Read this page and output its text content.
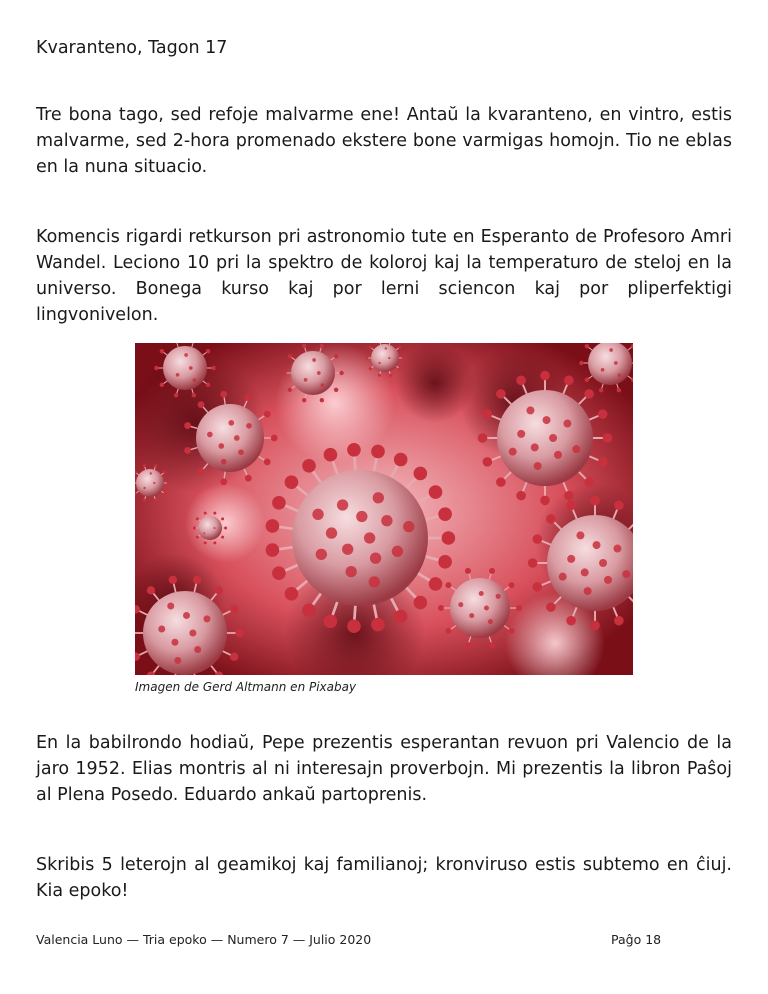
Kvaranteno, Tagon 17

Tre bona tago, sed refoje malvarme ene! Antaŭ la kvaranteno, en vintro, estis malvarme, sed 2-hora promenado ekstere bone varmigas homojn. Tio ne eblas en la nuna situacio.

Komencis rigardi retkurson pri astronomio tute en Esperanto de Profesoro Amri Wandel. Leciono 10 pri la spektro de koloroj kaj la temperaturo de steloj en la universo. Bonega kurso kaj por lerni sciencon kaj por pliperfektigi lingvonivelon.

Imagen de Gerd Altmann en Pixabay

En la babilrondo hodiaŭ, Pepe prezentis esperantan revuon pri Valencio de la jaro 1952. Elias montris al ni interesajn proverbojn. Mi prezentis la libron Paŝoj al Plena Posedo. Eduardo ankaŭ partoprenis.

Skribis 5 leterojn al geamikoj kaj familianoj; kronviruso estis subtemo en ĉiuj. Kia epoko!

Valencia Luno — Tria epoko — Numero 7 — Julio 2020	Paĝo 18
